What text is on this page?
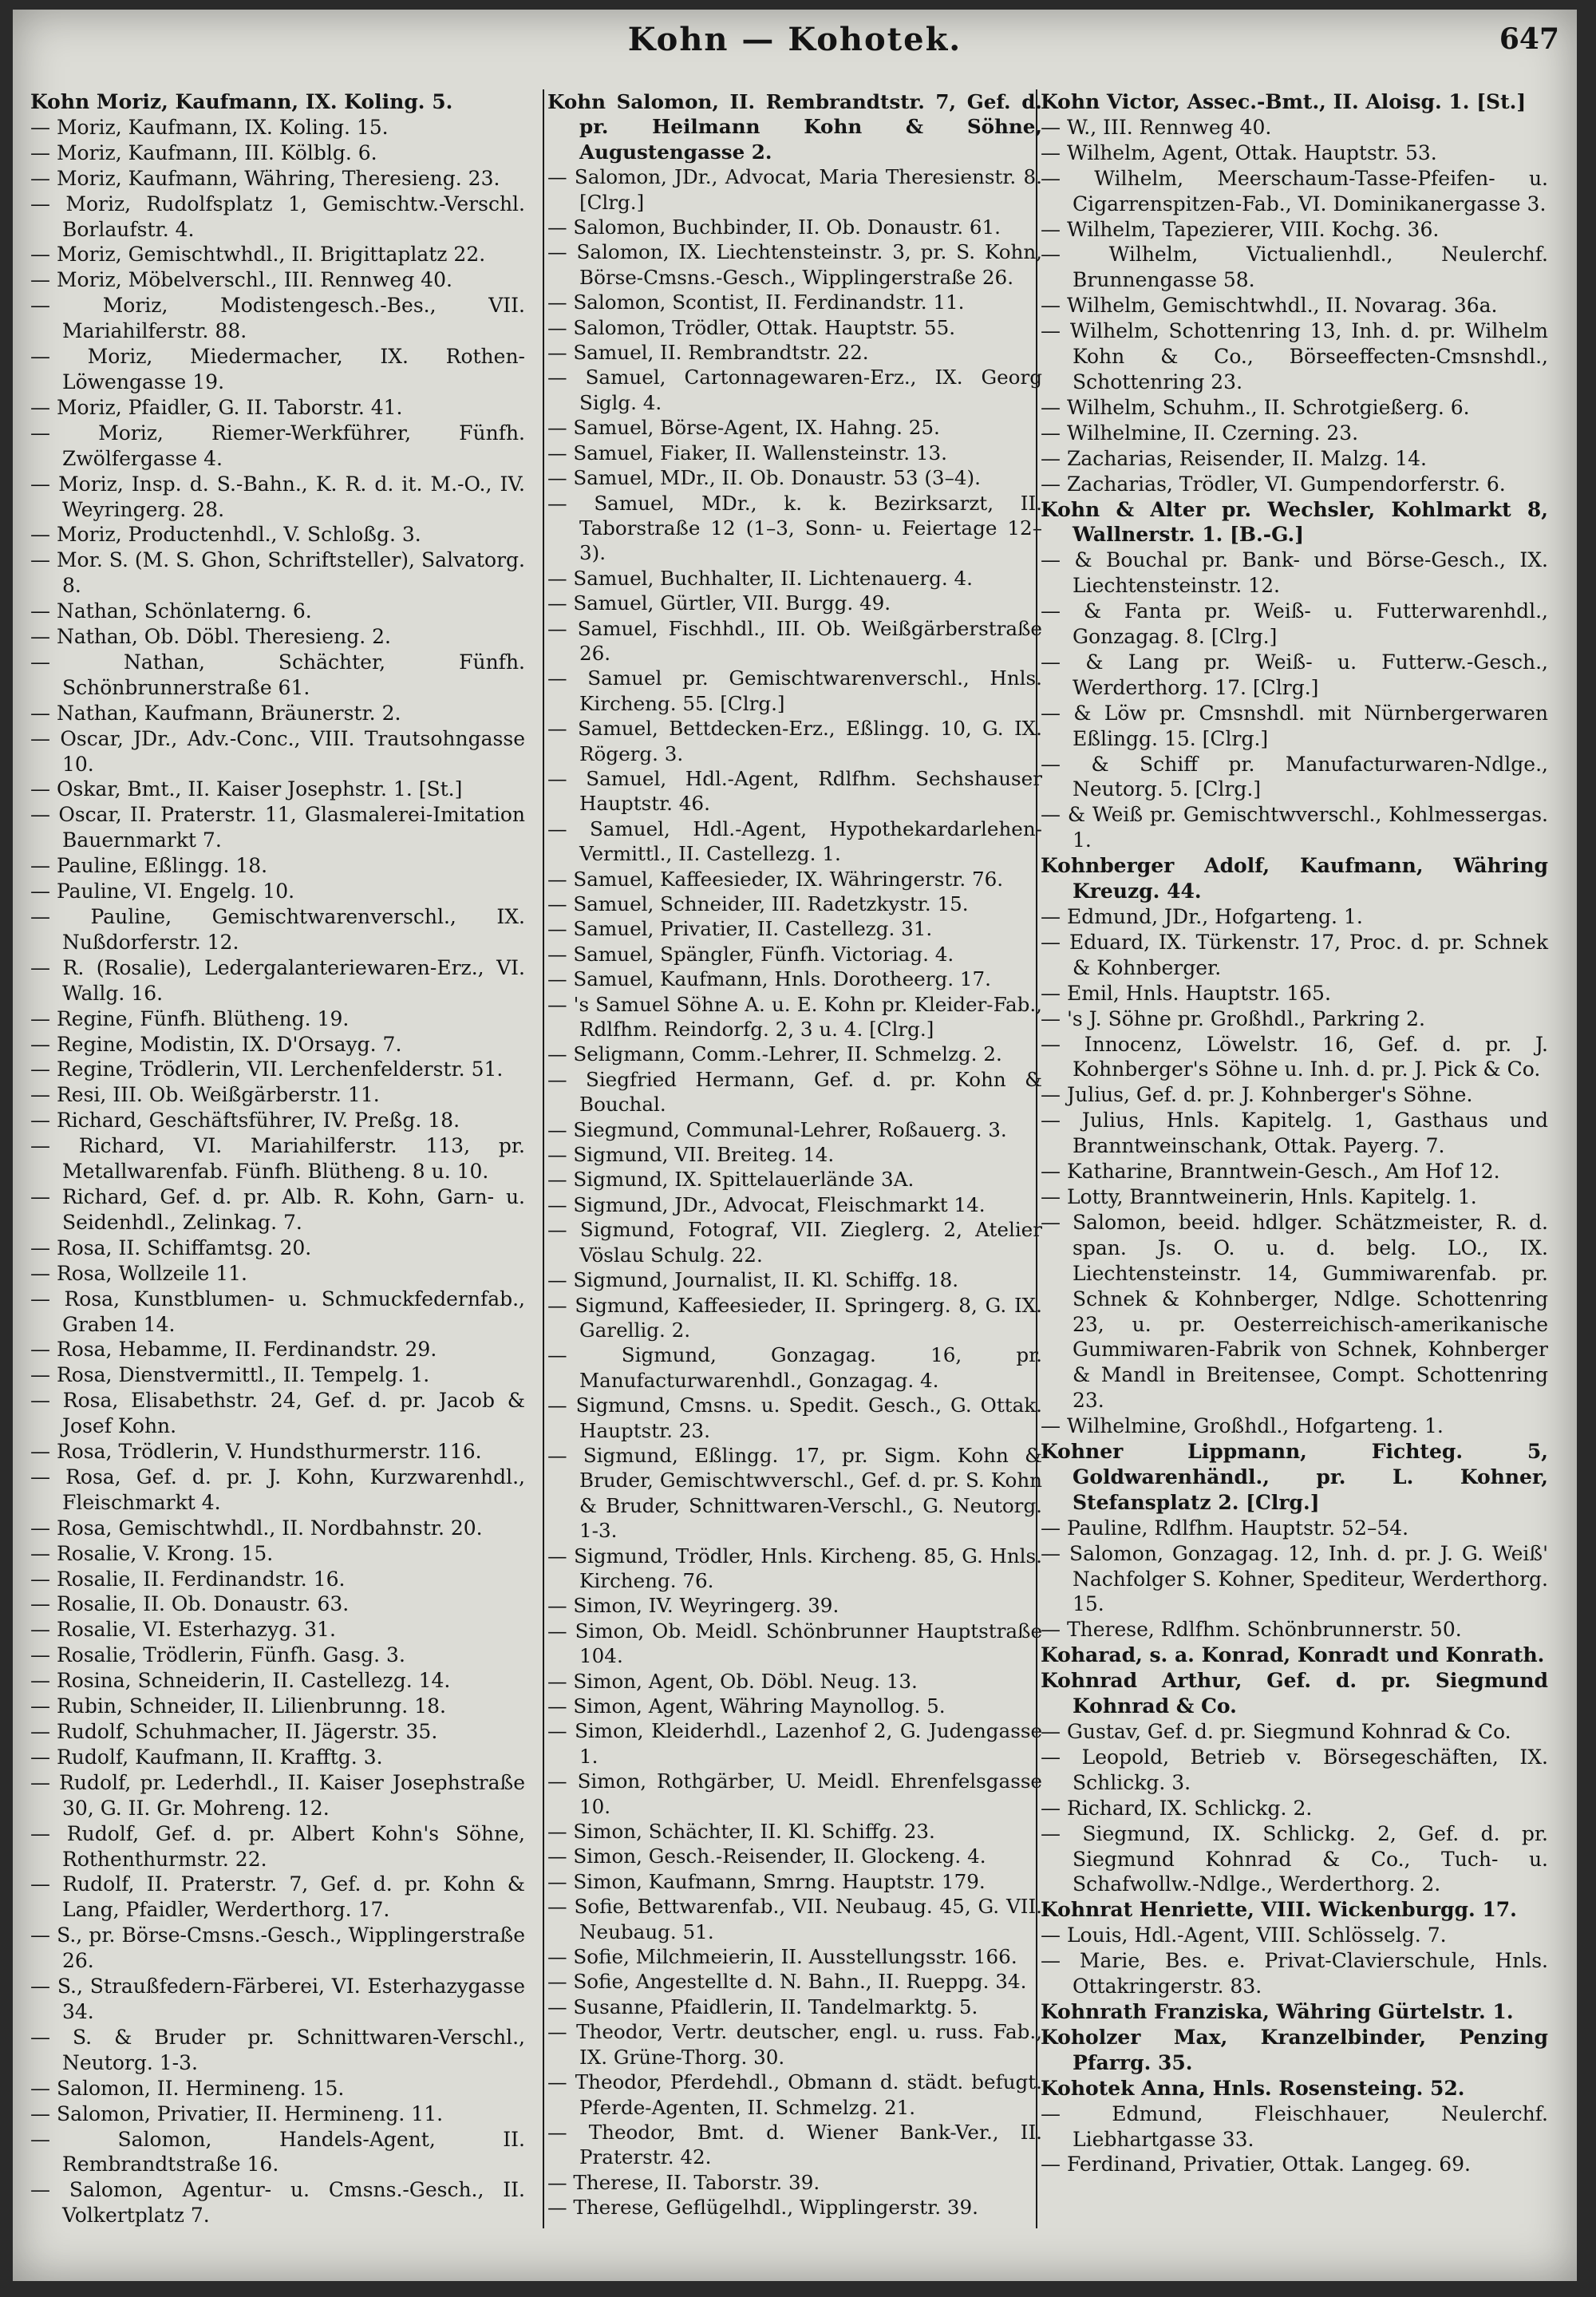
Kohn — Kohotek.	647
Kohn Moriz, Kaufmann, IX. Koling. 5.
— Moriz, Kaufmann, IX. Koling. 15.
— Moriz, Kaufmann, III. Kölblg. 6.
— Moriz, Kaufmann, Währing, Theresieng. 23.
— Moriz, Rudolfsplatz 1, Gemischtw.-Verschl. Borlaufstr. 4.
— Moriz, Gemischtwhdl., II. Brigittaplatz 22.
— Moriz, Möbelverschl., III. Rennweg 40.
— Moriz, Modistengesch.-Bes., VII. Mariahilferstr. 88.
— Moriz, Miedermacher, IX. Rothen-Löwengasse 19.
— Moriz, Pfaidler, G. II. Taborstr. 41.
— Moriz, Riemer-Werkführer, Fünfh. Zwölfergasse 4.
— Moriz, Insp. d. S.-Bahn., K. R. d. it. M.-O., IV. Weyringerg. 28.
— Moriz, Productenhdl., V. Schloßg. 3.
— Mor. S. (M. S. Ghon, Schriftsteller), Salvatorg. 8.
— Nathan, Schönlaterng. 6.
— Nathan, Ob. Döbl. Theresieng. 2.
— Nathan, Schächter, Fünfh. Schönbrunnerstraße 61.
— Nathan, Kaufmann, Bräunerstr. 2.
— Oscar, JDr., Adv.-Conc., VIII. Trautsohngasse 10.
— Oskar, Bmt., II. Kaiser Josephstr. 1. [St.]
— Oscar, II. Praterstr. 11, Glasmalerei-Imitation Bauernmarkt 7.
— Pauline, Eßlingg. 18.
— Pauline, VI. Engelg. 10.
— Pauline, Gemischtwarenverschl., IX. Nußdorferstr. 12.
— R. (Rosalie), Ledergalanteriewaren-Erz., VI. Wallg. 16.
— Regine, Fünfh. Blütheng. 19.
— Regine, Modistin, IX. D'Orsayg. 7.
— Regine, Trödlerin, VII. Lerchenfelderstr. 51.
— Resi, III. Ob. Weißgärberstr. 11.
— Richard, Geschäftsführer, IV. Preßg. 18.
— Richard, VI. Mariahilferstr. 113, pr. Metallwarenfab. Fünfh. Blütheng. 8 u. 10.
— Richard, Gef. d. pr. Alb. R. Kohn, Garn- u. Seidenhdl., Zelinkag. 7.
— Rosa, II. Schiffamtsg. 20.
— Rosa, Wollzeile 11.
— Rosa, Kunstblumen- u. Schmuckfedernfab., Graben 14.
— Rosa, Hebamme, II. Ferdinandstr. 29.
— Rosa, Dienstvermittl., II. Tempelg. 1.
— Rosa, Elisabethstr. 24, Gef. d. pr. Jacob & Josef Kohn.
— Rosa, Trödlerin, V. Hundsthurmerstr. 116.
— Rosa, Gef. d. pr. J. Kohn, Kurzwarenhdl., Fleischmarkt 4.
— Rosa, Gemischtwhdl., II. Nordbahnstr. 20.
— Rosalie, V. Krong. 15.
— Rosalie, II. Ferdinandstr. 16.
— Rosalie, II. Ob. Donaustr. 63.
— Rosalie, VI. Esterhazyg. 31.
— Rosalie, Trödlerin, Fünfh. Gasg. 3.
— Rosina, Schneiderin, II. Castellezg. 14.
— Rubin, Schneider, II. Lilienbrunng. 18.
— Rudolf, Schuhmacher, II. Jägerstr. 35.
— Rudolf, Kaufmann, II. Krafftg. 3.
— Rudolf, pr. Lederhdl., II. Kaiser Josephstraße 30, G. II. Gr. Mohreng. 12.
— Rudolf, Gef. d. pr. Albert Kohn's Söhne, Rothenthurmstr. 22.
— Rudolf, II. Praterstr. 7, Gef. d. pr. Kohn & Lang, Pfaidler, Werderthorg. 17.
— S., pr. Börse-Cmsns.-Gesch., Wipplingerstraße 26.
— S., Straußfedern-Färberei, VI. Esterhazygasse 34.
— S. & Bruder pr. Schnittwaren-Verschl., Neutorg. 1-3.
— Salomon, II. Hermineng. 15.
— Salomon, Privatier, II. Hermineng. 11.
— Salomon, Handels-Agent, II. Rembrandtstraße 16.
— Salomon, Agentur- u. Cmsns.-Gesch., II. Volkertplatz 7.
Kohn Salomon, II. Rembrandtstr. 7, Gef. d. pr. Heilmann Kohn & Söhne, Augustengasse 2.
— Salomon, JDr., Advocat, Maria Theresienstr. 8. [Clrg.]
— Salomon, Buchbinder, II. Ob. Donaustr. 61.
— Salomon, IX. Liechtensteinstr. 3, pr. S. Kohn, Börse-Cmsns.-Gesch., Wipplingerstraße 26.
— Salomon, Scontist, II. Ferdinandstr. 11.
— Salomon, Trödler, Ottak. Hauptstr. 55.
— Samuel, II. Rembrandtstr. 22.
— Samuel, Cartonnagewaren-Erz., IX. Georg Siglg. 4.
— Samuel, Börse-Agent, IX. Hahng. 25.
— Samuel, Fiaker, II. Wallensteinstr. 13.
— Samuel, MDr., II. Ob. Donaustr. 53 (3–4).
— Samuel, MDr., k. k. Bezirksarzt, II. Taborstraße 12 (1–3, Sonn- u. Feiertage 12–3).
— Samuel, Buchhalter, II. Lichtenauerg. 4.
— Samuel, Gürtler, VII. Burgg. 49.
— Samuel, Fischhdl., III. Ob. Weißgärberstraße 26.
— Samuel pr. Gemischtwarenverschl., Hnls. Kircheng. 55. [Clrg.]
— Samuel, Bettdecken-Erz., Eßlingg. 10, G. IX. Rögerg. 3.
— Samuel, Hdl.-Agent, Rdlfhm. Sechshauser Hauptstr. 46.
— Samuel, Hdl.-Agent, Hypothekardarlehen-Vermittl., II. Castellezg. 1.
— Samuel, Kaffeesieder, IX. Währingerstr. 76.
— Samuel, Schneider, III. Radetzkystr. 15.
— Samuel, Privatier, II. Castellezg. 31.
— Samuel, Spängler, Fünfh. Victoriag. 4.
— Samuel, Kaufmann, Hnls. Dorotheerg. 17.
— 's Samuel Söhne A. u. E. Kohn pr. Kleider-Fab., Rdlfhm. Reindorfg. 2, 3 u. 4. [Clrg.]
— Seligmann, Comm.-Lehrer, II. Schmelzg. 2.
— Siegfried Hermann, Gef. d. pr. Kohn & Bouchal.
— Siegmund, Communal-Lehrer, Roßauerg. 3.
— Sigmund, VII. Breiteg. 14.
— Sigmund, IX. Spittelauerlände 3A.
— Sigmund, JDr., Advocat, Fleischmarkt 14.
— Sigmund, Fotograf, VII. Zieglerg. 2, Atelier Vöslau Schulg. 22.
— Sigmund, Journalist, II. Kl. Schiffg. 18.
— Sigmund, Kaffeesieder, II. Springerg. 8, G. IX. Garellig. 2.
— Sigmund, Gonzagag. 16, pr. Manufacturwarenhdl., Gonzagag. 4.
— Sigmund, Cmsns. u. Spedit. Gesch., G. Ottak. Hauptstr. 23.
— Sigmund, Eßlingg. 17, pr. Sigm. Kohn & Bruder, Gemischtwverschl., Gef. d. pr. S. Kohn & Bruder, Schnittwaren-Verschl., G. Neutorg. 1-3.
— Sigmund, Trödler, Hnls. Kircheng. 85, G. Hnls. Kircheng. 76.
— Simon, IV. Weyringerg. 39.
— Simon, Ob. Meidl. Schönbrunner Hauptstraße 104.
— Simon, Agent, Ob. Döbl. Neug. 13.
— Simon, Agent, Währing Maynollog. 5.
— Simon, Kleiderhdl., Lazenhof 2, G. Judengasse 1.
— Simon, Rothgärber, U. Meidl. Ehrenfelsgasse 10.
— Simon, Schächter, II. Kl. Schiffg. 23.
— Simon, Gesch.-Reisender, II. Glockeng. 4.
— Simon, Kaufmann, Smrng. Hauptstr. 179.
— Sofie, Bettwarenfab., VII. Neubaug. 45, G. VII. Neubaug. 51.
— Sofie, Milchmeierin, II. Ausstellungsstr. 166.
— Sofie, Angestellte d. N. Bahn., II. Rueppg. 34.
— Susanne, Pfaidlerin, II. Tandelmarktg. 5.
— Theodor, Vertr. deutscher, engl. u. russ. Fab., IX. Grüne-Thorg. 30.
— Theodor, Pferdehdl., Obmann d. städt. befugt. Pferde-Agenten, II. Schmelzg. 21.
— Theodor, Bmt. d. Wiener Bank-Ver., II. Praterstr. 42.
— Therese, II. Taborstr. 39.
— Therese, Geflügelhdl., Wipplingerstr. 39.
Kohn Victor, Assec.-Bmt., II. Aloisg. 1. [St.]
— W., III. Rennweg 40.
— Wilhelm, Agent, Ottak. Hauptstr. 53.
— Wilhelm, Meerschaum-Tasse-Pfeifen- u. Cigarrenspitzen-Fab., VI. Dominikanergasse 3.
— Wilhelm, Tapezierer, VIII. Kochg. 36.
— Wilhelm, Victualienhdl., Neulerchf. Brunnengasse 58.
— Wilhelm, Gemischtwhdl., II. Novarag. 36a.
— Wilhelm, Schottenring 13, Inh. d. pr. Wilhelm Kohn & Co., Börseeffecten-Cmsnshdl., Schottenring 23.
— Wilhelm, Schuhm., II. Schrotgießerg. 6.
— Wilhelmine, II. Czerning. 23.
— Zacharias, Reisender, II. Malzg. 14.
— Zacharias, Trödler, VI. Gumpendorferstr. 6.
Kohn & Alter pr. Wechsler, Kohlmarkt 8, Wallnerstr. 1. [B.-G.]
— & Bouchal pr. Bank- und Börse-Gesch., IX. Liechtensteinstr. 12.
— & Fanta pr. Weiß- u. Futterwarenhdl., Gonzagag. 8. [Clrg.]
— & Lang pr. Weiß- u. Futterw.-Gesch., Werderthorg. 17. [Clrg.]
— & Löw pr. Cmsnshdl. mit Nürnbergerwaren Eßlingg. 15. [Clrg.]
— & Schiff pr. Manufacturwaren-Ndlge., Neutorg. 5. [Clrg.]
— & Weiß pr. Gemischtwverschl., Kohlmessergas. 1.
Kohnberger Adolf, Kaufmann, Währing Kreuzg. 44.
— Edmund, JDr., Hofgarteng. 1.
— Eduard, IX. Türkenstr. 17, Proc. d. pr. Schnek & Kohnberger.
— Emil, Hnls. Hauptstr. 165.
— 's J. Söhne pr. Großhdl., Parkring 2.
— Innocenz, Löwelstr. 16, Gef. d. pr. J. Kohnberger's Söhne u. Inh. d. pr. J. Pick & Co.
— Julius, Gef. d. pr. J. Kohnberger's Söhne.
— Julius, Hnls. Kapitelg. 1, Gasthaus und Branntweinschank, Ottak. Payerg. 7.
— Katharine, Branntwein-Gesch., Am Hof 12.
— Lotty, Branntweinerin, Hnls. Kapitelg. 1.
— Salomon, beeid. hdlger. Schätzmeister, R. d. span. Js. O. u. d. belg. LO., IX. Liechtensteinstr. 14, Gummiwarenfab. pr. Schnek & Kohnberger, Ndlge. Schottenring 23, u. pr. Oesterreichisch-amerikanische Gummiwaren-Fabrik von Schnek, Kohnberger & Mandl in Breitensee, Compt. Schottenring 23.
— Wilhelmine, Großhdl., Hofgarteng. 1.
Kohner Lippmann, Fichteg. 5, Goldwarenhändl., pr. L. Kohner, Stefansplatz 2. [Clrg.]
— Pauline, Rdlfhm. Hauptstr. 52–54.
— Salomon, Gonzagag. 12, Inh. d. pr. J. G. Weiß' Nachfolger S. Kohner, Spediteur, Werderthorg. 15.
— Therese, Rdlfhm. Schönbrunnerstr. 50.
Koharad, s. a. Konrad, Konradt und Konrath.
Kohnrad Arthur, Gef. d. pr. Siegmund Kohnrad & Co.
— Gustav, Gef. d. pr. Siegmund Kohnrad & Co.
— Leopold, Betrieb v. Börsegeschäften, IX. Schlickg. 3.
— Richard, IX. Schlickg. 2.
— Siegmund, IX. Schlickg. 2, Gef. d. pr. Siegmund Kohnrad & Co., Tuch- u. Schafwollw.-Ndlge., Werderthorg. 2.
Kohnrat Henriette, VIII. Wickenburgg. 17.
— Louis, Hdl.-Agent, VIII. Schlösselg. 7.
— Marie, Bes. e. Privat-Clavierschule, Hnls. Ottakringerstr. 83.
Kohnrath Franziska, Währing Gürtelstr. 1.
Koholzer Max, Kranzelbinder, Penzing Pfarrg. 35.
Kohotek Anna, Hnls. Rosensteing. 52.
— Edmund, Fleischhauer, Neulerchf. Liebhartgasse 33.
— Ferdinand, Privatier, Ottak. Langeg. 69.
